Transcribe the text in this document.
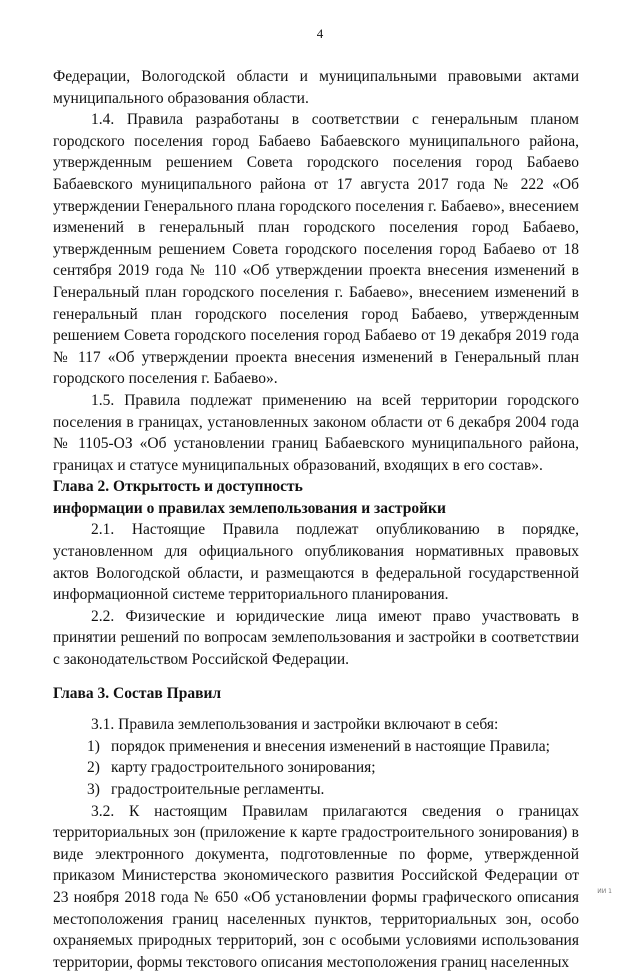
4

Федерации, Вологодской области и муниципальными правовыми актами муниципального образования области.

1.4. Правила разработаны в соответствии с генеральным планом городского поселения город Бабаево Бабаевского муниципального района, утвержденным решением Совета городского поселения город Бабаево Бабаевского муниципального района от 17 августа 2017 года № 222 «Об утверждении Генерального плана городского поселения г. Бабаево», внесением изменений в генеральный план городского поселения город Бабаево, утвержденным решением Совета городского поселения город Бабаево от 18 сентября 2019 года № 110 «Об утверждении проекта внесения изменений в Генеральный план городского поселения г. Бабаево», внесением изменений в генеральный план городского поселения город Бабаево, утвержденным решением Совета городского поселения город Бабаево от 19 декабря 2019 года № 117 «Об утверждении проекта внесения изменений в Генеральный план городского поселения г. Бабаево».

1.5. Правила подлежат применению на всей территории городского поселения в границах, установленных законом области от 6 декабря 2004 года № 1105-ОЗ «Об установлении границ Бабаевского муниципального района, границах и статусе муниципальных образований, входящих в его состав».

Глава 2. Открытость и доступность

информации о правилах землепользования и застройки

2.1. Настоящие Правила подлежат опубликованию в порядке, установленном для официального опубликования нормативных правовых актов Вологодской области, и размещаются в федеральной государственной информационной системе территориального планирования.

2.2. Физические и юридические лица имеют право участвовать в принятии решений по вопросам землепользования и застройки в соответствии с законодательством Российской Федерации.

Глава 3. Состав Правил

3.1. Правила землепользования и застройки включают в себя:

1) порядок применения и внесения изменений в настоящие Правила;

2) карту градостроительного зонирования;

3) градостроительные регламенты.

3.2. К настоящим Правилам прилагаются сведения о границах территориальных зон (приложение к карте градостроительного зонирования) в виде электронного документа, подготовленные по форме, утвержденной приказом Министерства экономического развития Российской Федерации от 23 ноября 2018 года № 650 «Об установлении формы графического описания местоположения границ населенных пунктов, территориальных зон, особо охраняемых природных территорий, зон с особыми условиями использования территории, формы текстового описания местоположения границ населенных

ИИ 1
